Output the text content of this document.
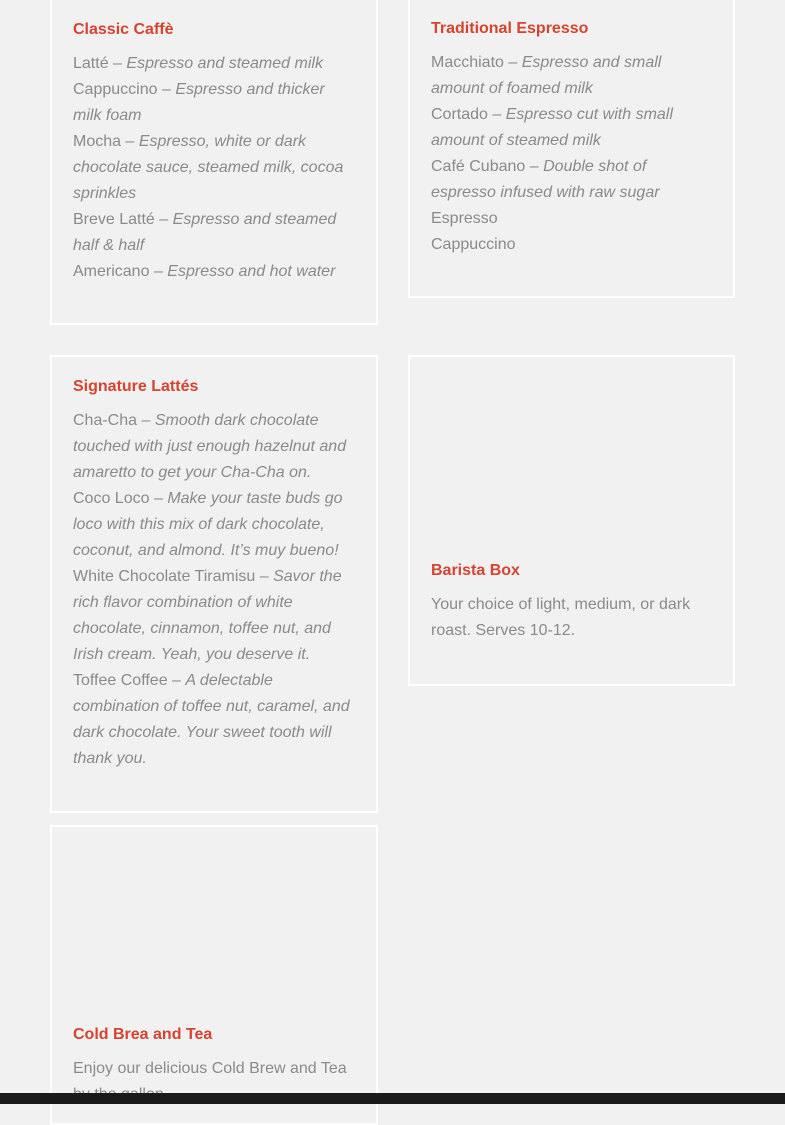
Classic Caffè
Latté – Espresso and steamed milk
Cappuccino – Espresso and thicker milk foam
Mocha – Espresso, white or dark chocolate sauce, steamed milk, cocoa sprinkles
Breve Latté – Espresso and steamed half & half
Americano – Espresso and hot water
Traditional Espresso
Macchiato – Espresso and small amount of foamed milk
Cortado – Espresso cut with small amount of steamed milk
Café Cubano – Double shot of espresso infused with raw sugar
Espresso
Cappuccino
Signature Lattés
Cha-Cha – Smooth dark chocolate touched with just enough hazelnut and amaretto to get your Cha-Cha on.
Coco Loco – Make your taste buds go loco with this mix of dark chocolate, coconut, and almond. It’s muy bueno!
White Chocolate Tiramisu – Savor the rich flavor combination of white chocolate, cinnamon, toffee nut, and Irish cream. Yeah, you deserve it.
Toffee Coffee – A delectable combination of toffee nut, caramel, and dark chocolate. Your sweet tooth will thank you.
Barista Box
Your choice of light, medium, or dark roast. Serves 10-12.
Cold Brea and Tea
Enjoy our delicious Cold Brew and Tea
